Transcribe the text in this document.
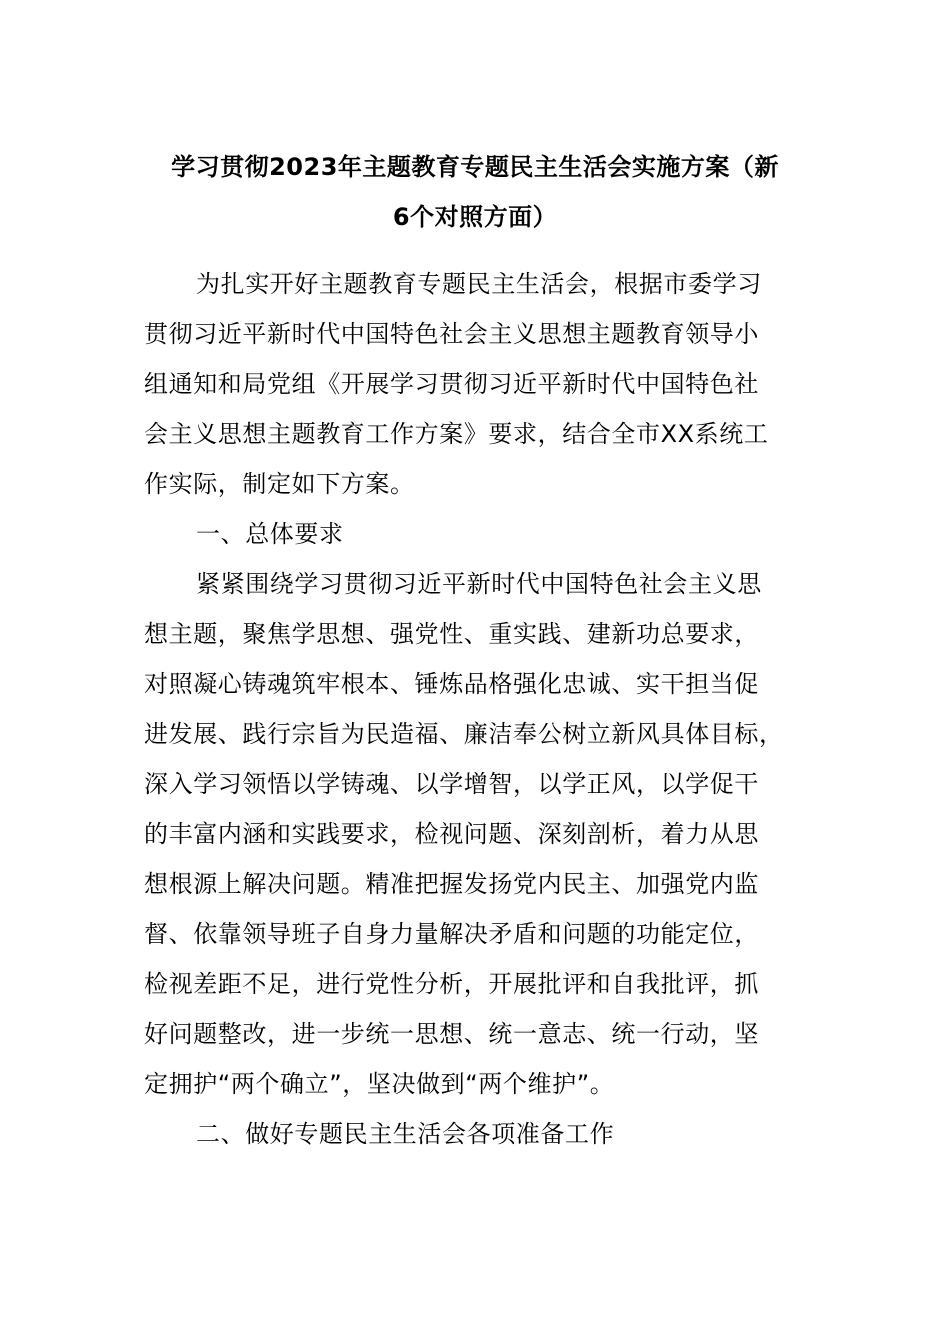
学习贯彻2023年主题教育专题民主生活会实施方案（新
6个对照方面）
为扎实开好主题教育专题民主生活会，根据市委学习
贯彻习近平新时代中国特色社会主义思想主题教育领导小
组通知和局党组《开展学习贯彻习近平新时代中国特色社
会主义思想主题教育工作方案》要求，结合全市XX系统工
作实际，制定如下方案。
一、总体要求
紧紧围绕学习贯彻习近平新时代中国特色社会主义思
想主题，聚焦学思想、强党性、重实践、建新功总要求，
对照凝心铸魂筑牢根本、锤炼品格强化忠诚、实干担当促
进发展、践行宗旨为民造福、廉洁奉公树立新风具体目标，
深入学习领悟以学铸魂、以学增智，以学正风，以学促干
的丰富内涵和实践要求，检视问题、深刻剖析，着力从思
想根源上解决问题。精准把握发扬党内民主、加强党内监
督、依靠领导班子自身力量解决矛盾和问题的功能定位，
检视差距不足，进行党性分析，开展批评和自我批评，抓
好问题整改，进一步统一思想、统一意志、统一行动，坚
定拥护“两个确立”，坚决做到“两个维护”。
二、做好专题民主生活会各项准备工作
